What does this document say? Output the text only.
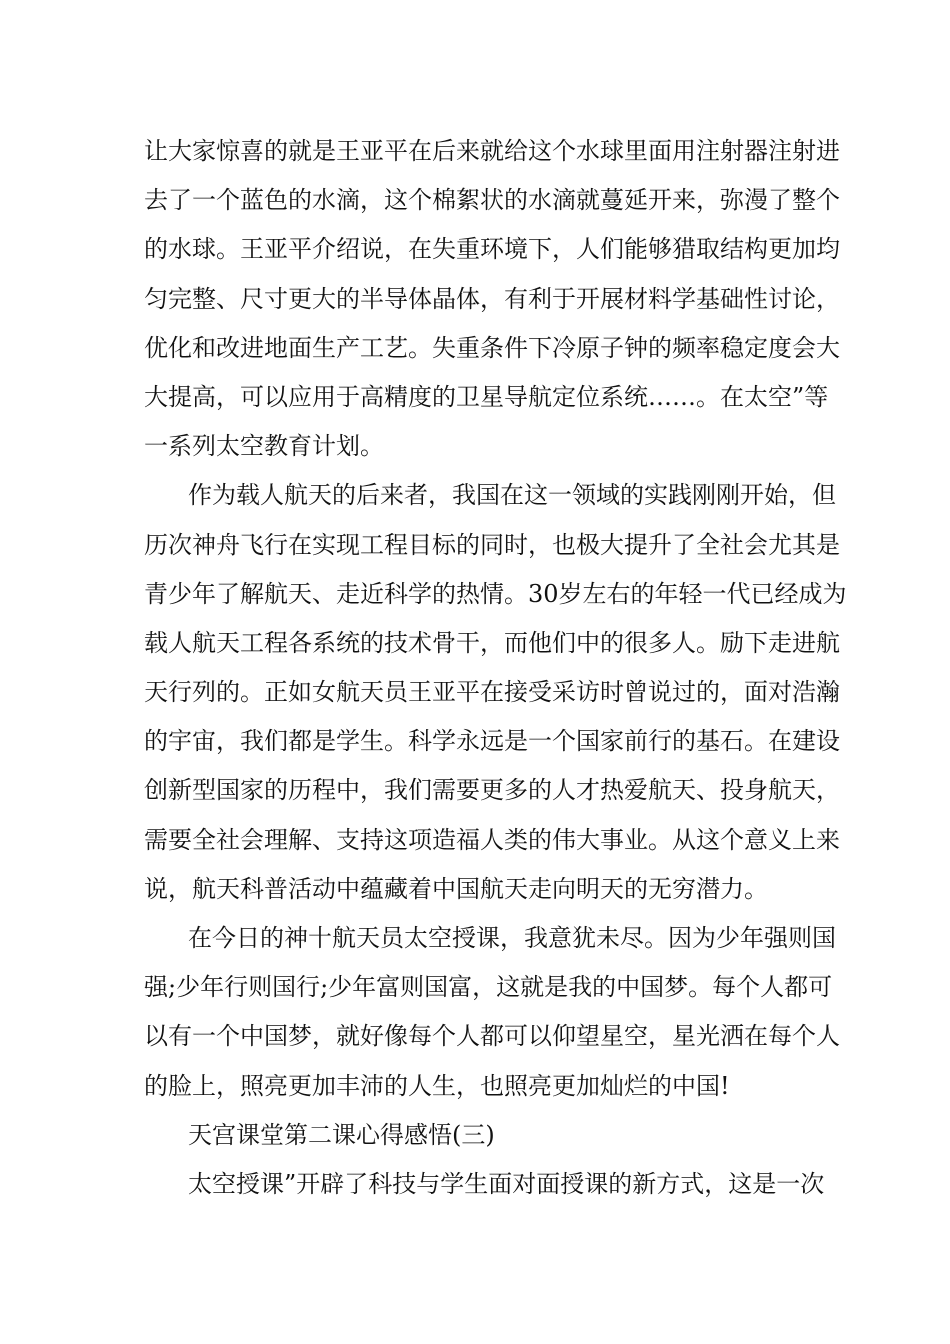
让大家惊喜的就是王亚平在后来就给这个水球里面用注射器注射进
去了一个蓝色的水滴，这个棉絮状的水滴就蔓延开来，弥漫了整个
的水球。王亚平介绍说，在失重环境下，人们能够猎取结构更加均
匀完整、尺寸更大的半导体晶体，有利于开展材料学基础性讨论，
优化和改进地面生产工艺。失重条件下冷原子钟的频率稳定度会大
大提高，可以应用于高精度的卫星导航定位系统……。在太空”等
一系列太空教育计划。
作为载人航天的后来者，我国在这一领域的实践刚刚开始，但
历次神舟飞行在实现工程目标的同时，也极大提升了全社会尤其是
青少年了解航天、走近科学的热情。30岁左右的年轻一代已经成为
载人航天工程各系统的技术骨干，而他们中的很多人。励下走进航
天行列的。正如女航天员王亚平在接受采访时曾说过的，面对浩瀚
的宇宙，我们都是学生。科学永远是一个国家前行的基石。在建设
创新型国家的历程中，我们需要更多的人才热爱航天、投身航天，
需要全社会理解、支持这项造福人类的伟大事业。从这个意义上来
说，航天科普活动中蕴藏着中国航天走向明天的无穷潜力。
在今日的神十航天员太空授课，我意犹未尽。因为少年强则国
强;少年行则国行;少年富则国富，这就是我的中国梦。每个人都可
以有一个中国梦，就好像每个人都可以仰望星空，星光洒在每个人
的脸上，照亮更加丰沛的人生，也照亮更加灿烂的中国!
天宫课堂第二课心得感悟(三)
太空授课”开辟了科技与学生面对面授课的新方式，这是一次
